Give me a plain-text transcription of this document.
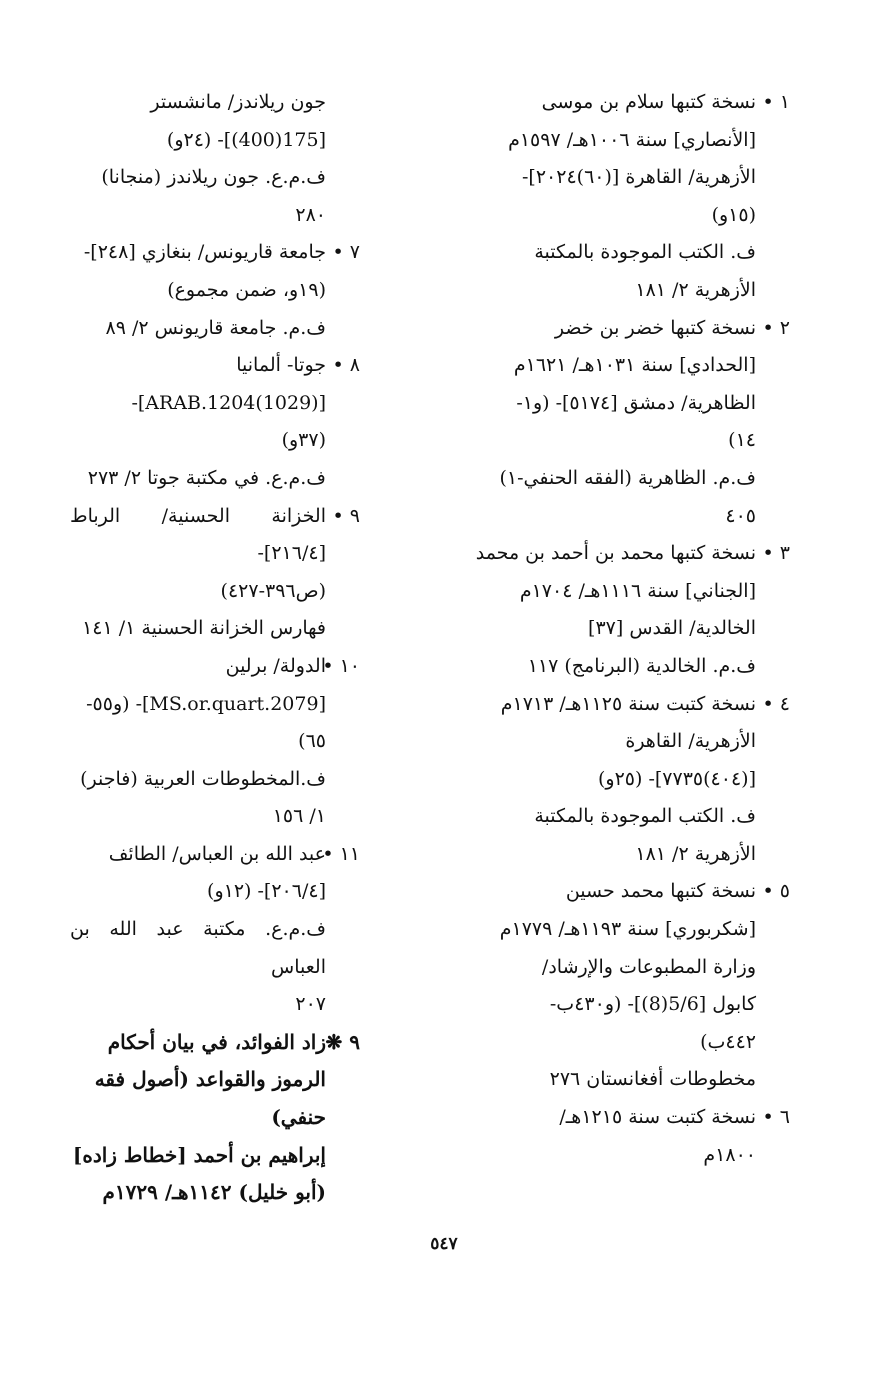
١ •
نسخة كتبها سلام بن موسى
[الأنصاري] سنة ١٠٠٦هـ/ ١٥٩٧م
الأزهرية/ القاهرة [(٦٠)٢٠٢٤]-
(١٥و)
ف. الكتب الموجودة بالمكتبة
الأزهرية ٢/ ١٨١
٢ •
نسخة كتبها خضر بن خضر
[الحدادي] سنة ١٠٣١هـ/ ١٦٢١م
الظاهرية/ دمشق [٥١٧٤]- (و١-
١٤)
ف.م. الظاهرية (الفقه الحنفي-١)
٤٠٥
٣ •
نسخة كتبها محمد بن أحمد بن محمد
[الجناني] سنة ١١١٦هـ/ ١٧٠٤م
الخالدية/ القدس [٣٧]
ف.م. الخالدية (البرنامج) ١١٧
٤ •
نسخة كتبت سنة ١١٢٥هـ/ ١٧١٣م
الأزهرية/ القاهرة
[(٤٠٤)٧٧٣٥]- (٢٥و)
ف. الكتب الموجودة بالمكتبة
الأزهرية ٢/ ١٨١
٥ •
نسخة كتبها محمد حسين
[شكربوري] سنة ١١٩٣هـ/ ١٧٧٩م
وزارة المطبوعات والإرشاد/
كابول [5/6(8)]- (و٤٣٠ب-
٤٤٢ب)
مخطوطات أفغانستان ٢٧٦
٦ •
نسخة كتبت سنة ١٢١٥هـ/
١٨٠٠م
جون ريلاندز/ مانشستر
[175(400)]- (٢٤و)
ف.م.ع. جون ريلاندز (منجانا)
٢٨٠
٧ •
جامعة قاريونس/ بنغازي [٢٤٨]-
(١٩و، ضمن مجموع)
ف.م. جامعة قاريونس ٢/ ٨٩
٨ •
جوتا- ألمانيا
[(1029)ARAB.1204]-
(٣٧و)
ف.م.ع. في مكتبة جوتا ٢/ ٢٧٣
٩ •
الخزانة الحسنية/ الرباط [٢١٦/٤]-
(ص٣٩٦-٤٢٧)
فهارس الخزانة الحسنية ١/ ١٤١
١٠ •
الدولة/ برلين
[MS.or.quart.2079]- (و٥٥-
٦٥)
ف.المخطوطات العربية (فاجنر)
١/ ١٥٦
١١ •
عبد الله بن العباس/ الطائف
[٢٠٦/٤]- (١٢و)
ف.م.ع. مكتبة عبد الله بن العباس
٢٠٧
٩ ❋
زاد الفوائد، في بيان أحكام
الرموز والقواعد (أصول فقه
حنفي)
إبراهيم بن أحمد [خطاط زاده]
(أبو خليل) ١١٤٢هـ/ ١٧٢٩م
٥٤٧
